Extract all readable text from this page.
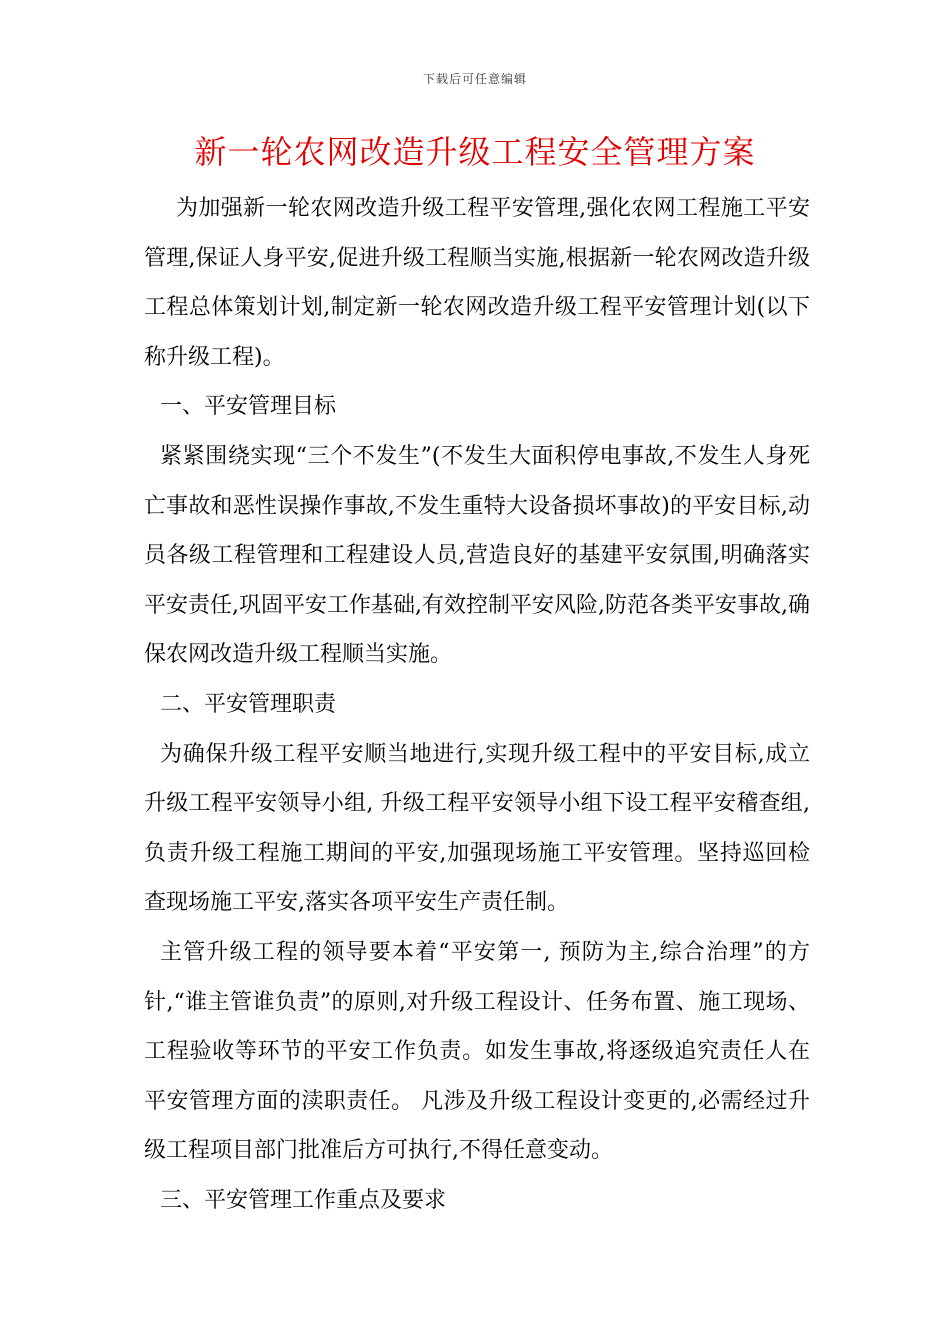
下载后可任意编辑
新一轮农网改造升级工程安全管理方案

为加强新一轮农网改造升级工程平安管理,强化农网工程施工平安管理,保证人身平安,促进升级工程顺当实施,根据新一轮农网改造升级工程总体策划计划,制定新一轮农网改造升级工程平安管理计划(以下称升级工程)。

一、平安管理目标

紧紧围绕实现“三个不发生”(不发生大面积停电事故,不发生人身死亡事故和恶性误操作事故,不发生重特大设备损坏事故)的平安目标,动员各级工程管理和工程建设人员,营造良好的基建平安氛围,明确落实平安责任,巩固平安工作基础,有效控制平安风险,防范各类平安事故,确保农网改造升级工程顺当实施。

二、平安管理职责

为确保升级工程平安顺当地进行,实现升级工程中的平安目标,成立升级工程平安领导小组, 升级工程平安领导小组下设工程平安稽查组,负责升级工程施工期间的平安,加强现场施工平安管理。坚持巡回检查现场施工平安,落实各项平安生产责任制。

主管升级工程的领导要本着“平安第一, 预防为主,综合治理”的方针,“谁主管谁负责”的原则,对升级工程设计、任务布置、施工现场、工程验收等环节的平安工作负责。如发生事故,将逐级追究责任人在平安管理方面的渎职责任。 凡涉及升级工程设计变更的,必需经过升级工程项目部门批准后方可执行,不得任意变动。

三、平安管理工作重点及要求
